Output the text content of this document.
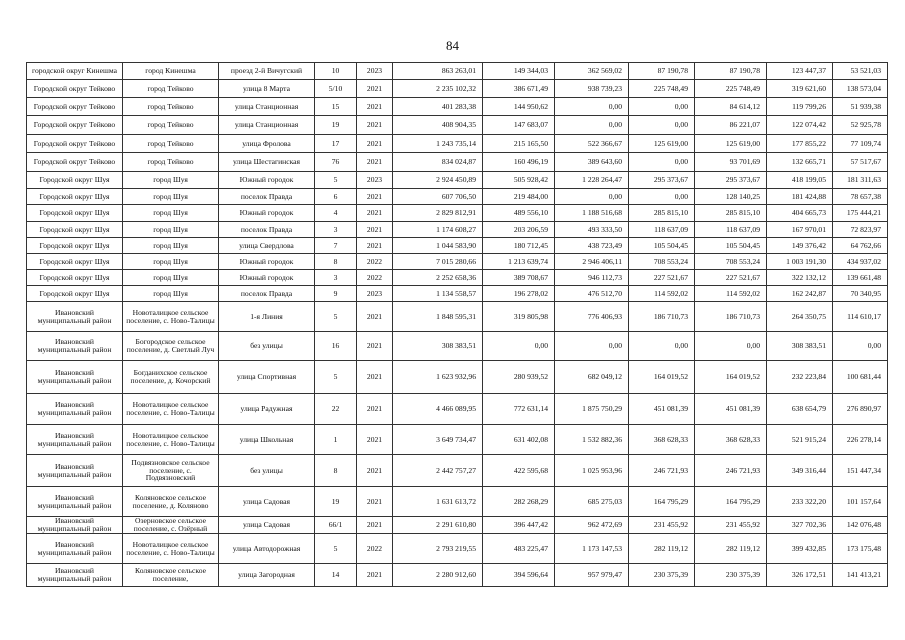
84
городской округ Кинешма	город Кинешма	проезд 2-й Вичугский	10	2023	863 263,01	149 344,03	362 569,02	87 190,78	87 190,78	123 447,37	53 521,03
Городской округ Тейково	город Тейково	улица 8 Марта	5/10	2021	2 235 102,32	386 671,49	938 739,23	225 748,49	225 748,49	319 621,60	138 573,04
Городской округ Тейково	город Тейково	улица Станционная	15	2021	401 283,38	144 950,62	0,00	0,00	84 614,12	119 799,26	51 939,38
Городской округ Тейково	город Тейково	улица Станционная	19	2021	408 904,35	147 683,07	0,00	0,00	86 221,07	122 074,42	52 925,78
Городской округ Тейково	город Тейково	улица Фролова	17	2021	1 243 735,14	215 165,50	522 366,67	125 619,00	125 619,00	177 855,22	77 109,74
Городской округ Тейково	город Тейково	улица Шестагинская	76	2021	834 024,87	160 496,19	389 643,60	0,00	93 701,69	132 665,71	57 517,67
Городской округ Шуя	город Шуя	Южный городок	5	2023	2 924 450,89	505 928,42	1 228 264,47	295 373,67	295 373,67	418 199,05	181 311,63
Городской округ Шуя	город Шуя	поселок Правда	6	2021	607 706,50	219 484,00	0,00	0,00	128 140,25	181 424,88	78 657,38
Городской округ Шуя	город Шуя	Южный городок	4	2021	2 829 812,91	489 556,10	1 188 516,68	285 815,10	285 815,10	404 665,73	175 444,21
Городской округ Шуя	город Шуя	поселок Правда	3	2021	1 174 608,27	203 206,59	493 333,50	118 637,09	118 637,09	167 970,01	72 823,97
Городской округ Шуя	город Шуя	улица Свердлова	7	2021	1 044 583,90	180 712,45	438 723,49	105 504,45	105 504,45	149 376,42	64 762,66
Городской округ Шуя	город Шуя	Южный городок	8	2022	7 015 280,66	1 213 639,74	2 946 406,11	708 553,24	708 553,24	1 003 191,30	434 937,02
Городской округ Шуя	город Шуя	Южный городок	3	2022	2 252 658,36	389 708,67	946 112,73	227 521,67	227 521,67	322 132,12	139 661,48
Городской округ Шуя	город Шуя	поселок Правда	9	2023	1 134 558,57	196 278,02	476 512,70	114 592,02	114 592,02	162 242,87	70 340,95
Ивановский муниципальный район	Новоталицкое сельское поселение, с. Ново-Талицы	1-я Линия	5	2021	1 848 595,31	319 805,98	776 406,93	186 710,73	186 710,73	264 350,75	114 610,17
Ивановский муниципальный район	Богородское сельское поселение, д. Светлый Луч	без улицы	16	2021	308 383,51	0,00	0,00	0,00	0,00	308 383,51	0,00
Ивановский муниципальный район	Богданихское сельское поселение, д. Кочорский	улица Спортивная	5	2021	1 623 932,96	280 939,52	682 049,12	164 019,52	164 019,52	232 223,84	100 681,44
Ивановский муниципальный район	Новоталицкое сельское поселение, с. Ново-Талицы	улица Радужная	22	2021	4 466 089,95	772 631,14	1 875 750,29	451 081,39	451 081,39	638 654,79	276 890,97
Ивановский муниципальный район	Новоталицкое сельское поселение, с. Ново-Талицы	улица Школьная	1	2021	3 649 734,47	631 402,08	1 532 882,36	368 628,33	368 628,33	521 915,24	226 278,14
Ивановский муниципальный район	Подвязновское сельское поселение, с. Подвязновский	без улицы	8	2021	2 442 757,27	422 595,68	1 025 953,96	246 721,93	246 721,93	349 316,44	151 447,34
Ивановский муниципальный район	Коляновское сельское поселение, д. Коляново	улица Садовая	19	2021	1 631 613,72	282 268,29	685 275,03	164 795,29	164 795,29	233 322,20	101 157,64
Ивановский муниципальный район	Озерновское сельское поселение, с. Озёрный	улица Садовая	66/1	2021	2 291 610,80	396 447,42	962 472,69	231 455,92	231 455,92	327 702,36	142 076,48
Ивановский муниципальный район	Новоталицкое сельское поселение, с. Ново-Талицы	улица Автодорожная	5	2022	2 793 219,55	483 225,47	1 173 147,53	282 119,12	282 119,12	399 432,85	173 175,48
Ивановский муниципальный район	Коляновское сельское поселение,	улица Загородная	14	2021	2 280 912,60	394 596,64	957 979,47	230 375,39	230 375,39	326 172,51	141 413,21
